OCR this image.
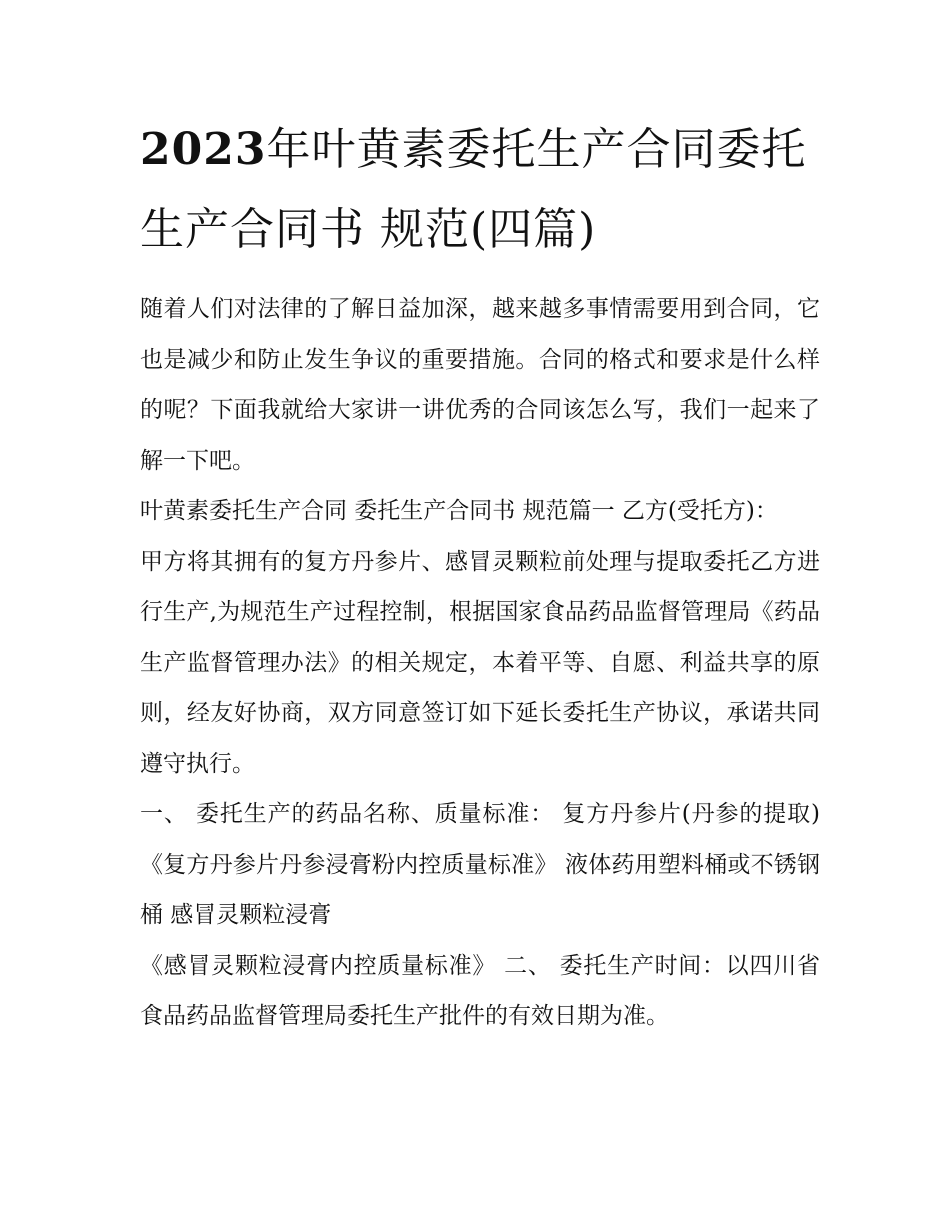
2023年叶黄素委托生产合同委托生产合同书 规范(四篇)

随着人们对法律的了解日益加深，越来越多事情需要用到合同，它也是减少和防止发生争议的重要措施。合同的格式和要求是什么样的呢？下面我就给大家讲一讲优秀的合同该怎么写，我们一起来了解一下吧。

叶黄素委托生产合同 委托生产合同书 规范篇一 乙方(受托方)：

甲方将其拥有的复方丹参片、感冒灵颗粒前处理与提取委托乙方进行生产,为规范生产过程控制，根据国家食品药品监督管理局《药品生产监督管理办法》的相关规定，本着平等、自愿、利益共享的原则，经友好协商，双方同意签订如下延长委托生产协议，承诺共同遵守执行。

一、 委托生产的药品名称、质量标准： 复方丹参片(丹参的提取) 《复方丹参片丹参浸膏粉内控质量标准》 液体药用塑料桶或不锈钢桶 感冒灵颗粒浸膏

《感冒灵颗粒浸膏内控质量标准》 二、 委托生产时间：以四川省食品药品监督管理局委托生产批件的有效日期为准。
